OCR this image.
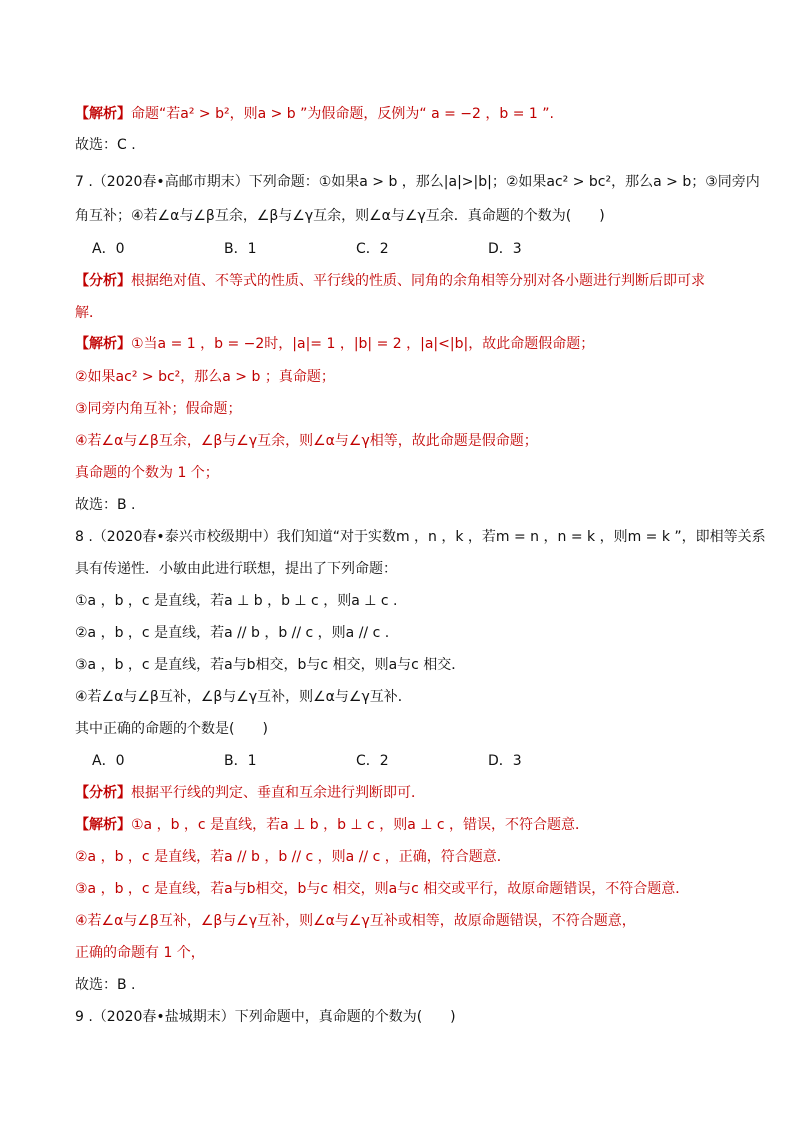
【解析】命题“若a² > b²，则a > b ”为假命题，反例为“ a = −2 ，b = 1 ”.
故选：C .
7 .（2020春•高邮市期末）下列命题：①如果a > b ，那么|a|>|b|；②如果ac² > bc²，那么a > b；③同旁内
角互补；④若∠α与∠β互余，∠β与∠γ互余，则∠α与∠γ互余．真命题的个数为(　　)
A．0	B．1	C．2	D．3
【分析】根据绝对值、不等式的性质、平行线的性质、同角的余角相等分别对各小题进行判断后即可求
解．
【解析】①当a = 1 ，b = −2时，|a|= 1 ，|b| = 2 ，|a|<|b|，故此命题假命题；
②如果ac² > bc²，那么a > b ；真命题；
③同旁内角互补；假命题；
④若∠α与∠β互余，∠β与∠γ互余，则∠α与∠γ相等，故此命题是假命题；
真命题的个数为 1 个；
故选：B .
8 .（2020春•泰兴市校级期中）我们知道“对于实数m ，n ，k ，若m = n ，n = k ，则m = k ”，即相等关系
具有传递性．小敏由此进行联想，提出了下列命题：
①a ，b ，c 是直线，若a ⊥ b ，b ⊥ c ，则a ⊥ c .
②a ，b ，c 是直线，若a // b ，b // c ，则a // c .
③a ，b ，c 是直线，若a与b相交，b与c 相交，则a与c 相交．
④若∠α与∠β互补，∠β与∠γ互补，则∠α与∠γ互补．
其中正确的命题的个数是(　　)
A．0	B．1	C．2	D．3
【分析】根据平行线的判定、垂直和互余进行判断即可．
【解析】①a ，b ，c 是直线，若a ⊥ b ，b ⊥ c ，则a ⊥ c ，错误，不符合题意．
②a ，b ，c 是直线，若a // b ，b // c ，则a // c ，正确，符合题意．
③a ，b ，c 是直线，若a与b相交，b与c 相交，则a与c 相交或平行，故原命题错误，不符合题意．
④若∠α与∠β互补，∠β与∠γ互补，则∠α与∠γ互补或相等，故原命题错误，不符合题意，
正确的命题有 1 个，
故选：B .
9 .（2020春•盐城期末）下列命题中，真命题的个数为(　　)
